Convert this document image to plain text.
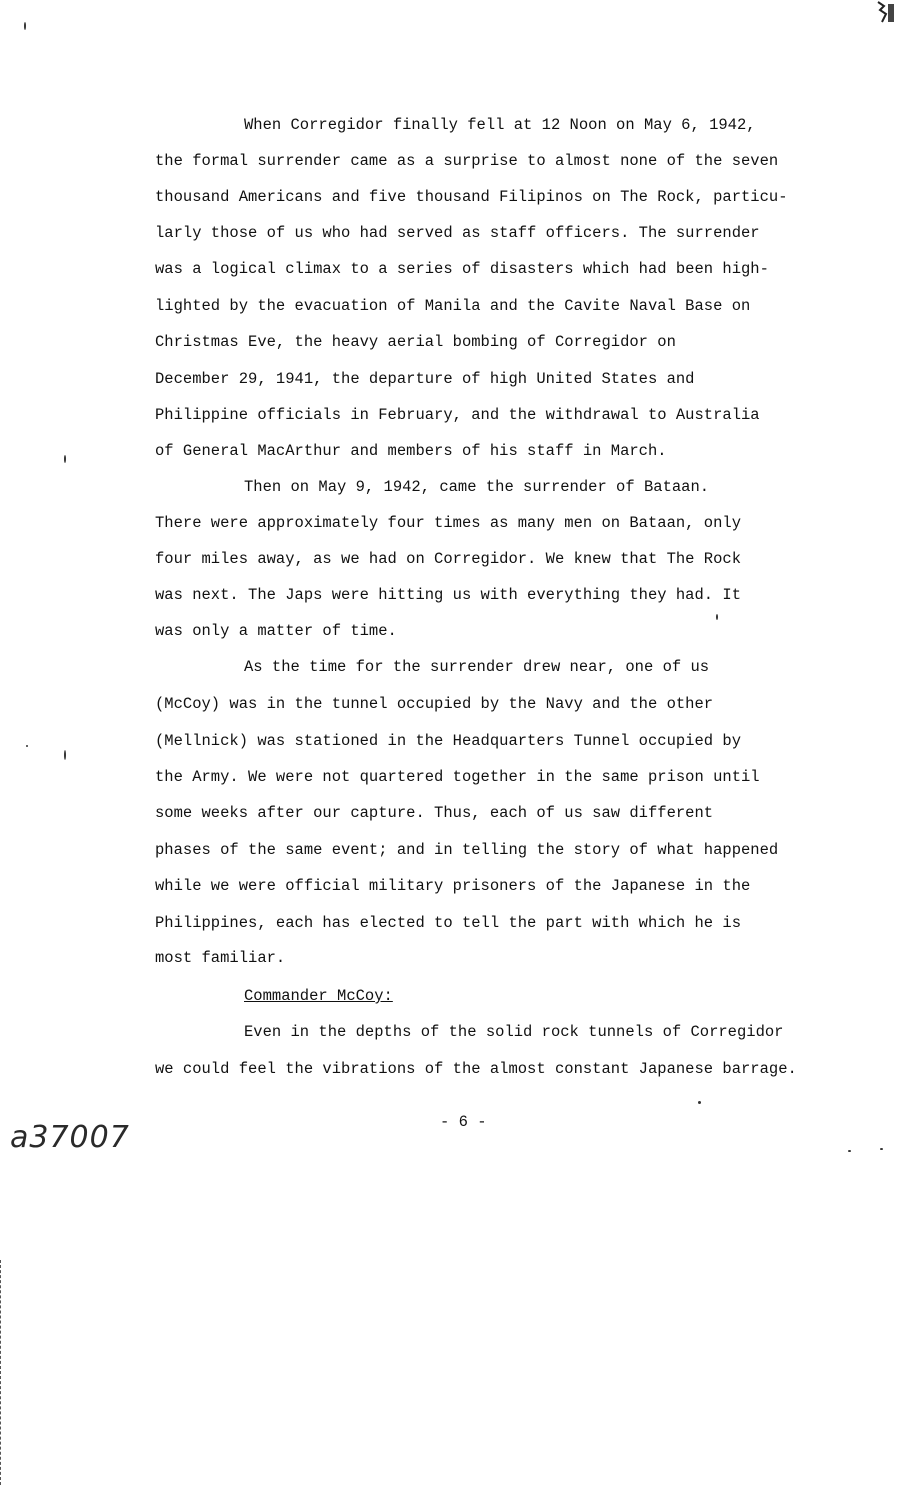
When Corregidor finally fell at 12 Noon on May 6, 1942,
the formal surrender came as a surprise to almost none of the seven
thousand Americans and five thousand Filipinos on The Rock, particu-
larly those of us who had served as staff officers. The surrender
was a logical climax to a series of disasters which had been high-
lighted by the evacuation of Manila and the Cavite Naval Base on
Christmas Eve, the heavy aerial bombing of Corregidor on
December 29, 1941, the departure of high United States and
Philippine officials in February, and the withdrawal to Australia
of General MacArthur and members of his staff in March.
Then on May 9, 1942, came the surrender of Bataan.
There were approximately four times as many men on Bataan, only
four miles away, as we had on Corregidor. We knew that The Rock
was next. The Japs were hitting us with everything they had. It
was only a matter of time.
As the time for the surrender drew near, one of us
(McCoy) was in the tunnel occupied by the Navy and the other
(Mellnick) was stationed in the Headquarters Tunnel occupied by
the Army. We were not quartered together in the same prison until
some weeks after our capture. Thus, each of us saw different
phases of the same event; and in telling the story of what happened
while we were official military prisoners of the Japanese in the
Philippines, each has elected to tell the part with which he is
most familiar.
Commander McCoy:
Even in the depths of the solid rock tunnels of Corregidor
we could feel the vibrations of the almost constant Japanese barrage.
- 6 -
a37007
